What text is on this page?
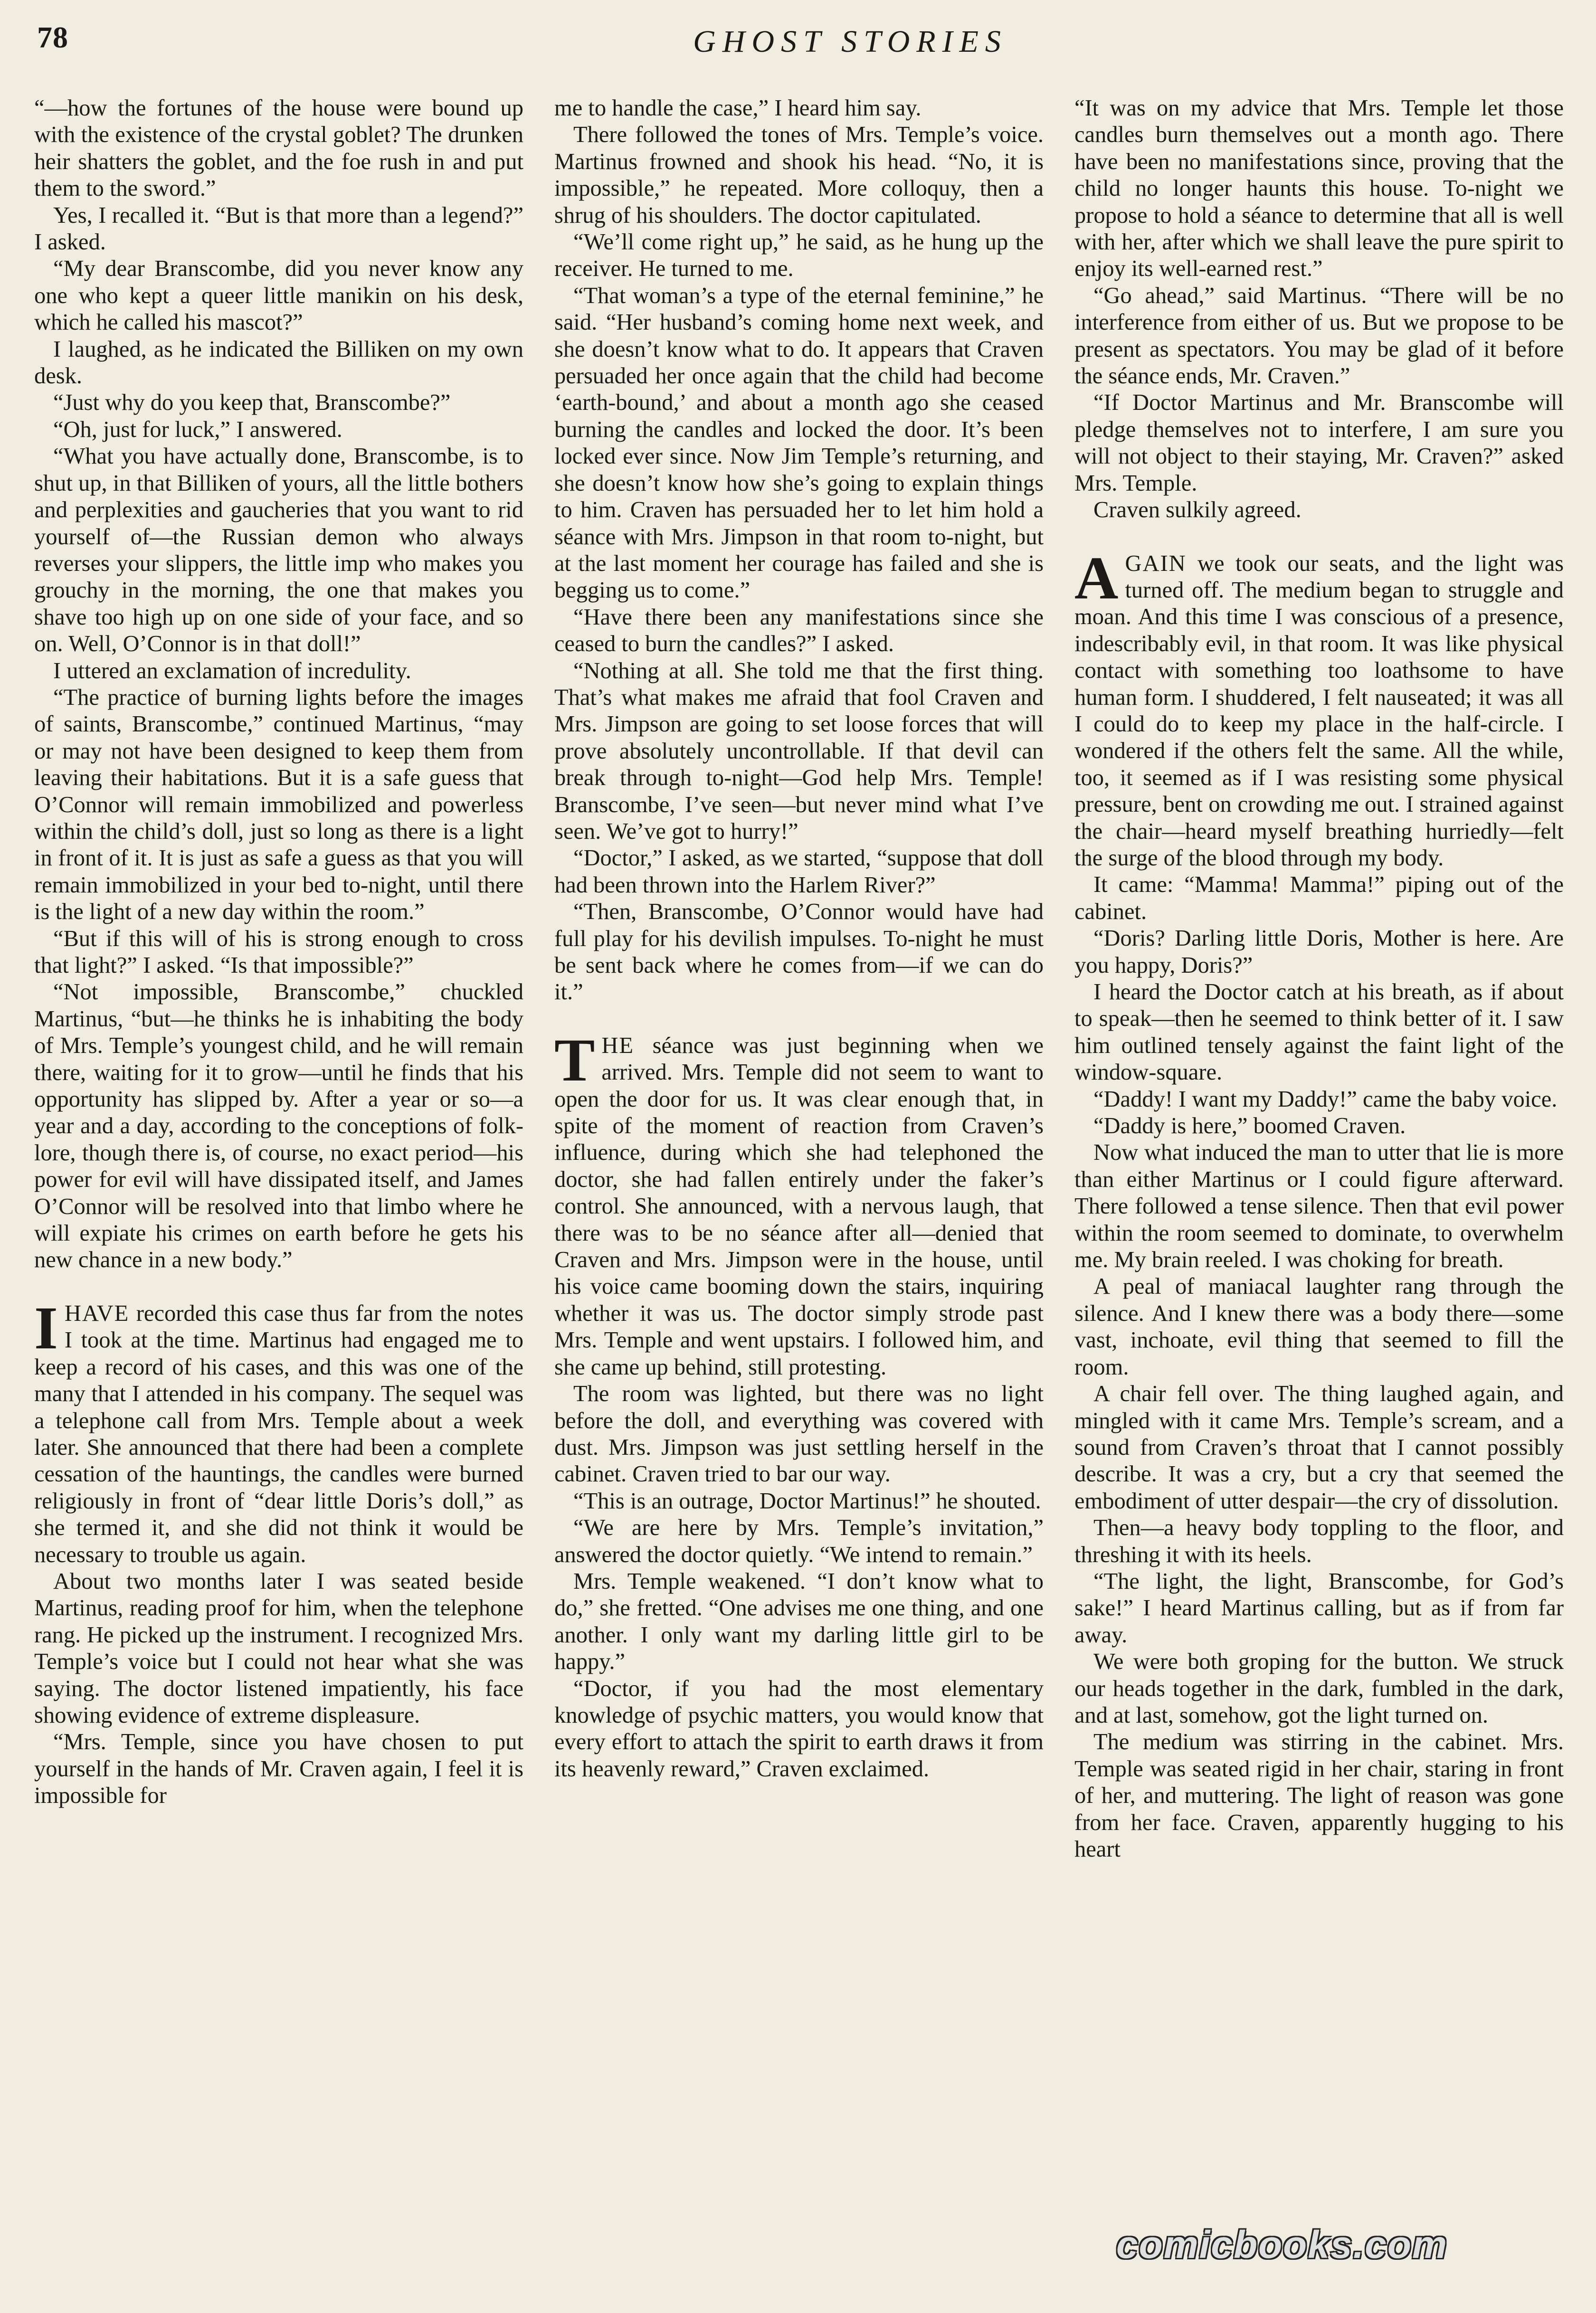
78	GHOST STORIES

“—how the fortunes of the house were bound up with the existence of the crystal goblet? The drunken heir shatters the goblet, and the foe rush in and put them to the sword.”

Yes, I recalled it. “But is that more than a legend?” I asked.

“My dear Branscombe, did you never know any one who kept a queer little manikin on his desk, which he called his mascot?”

I laughed, as he indicated the Billiken on my own desk.

“Just why do you keep that, Branscombe?”

“Oh, just for luck,” I answered.

“What you have actually done, Branscombe, is to shut up, in that Billiken of yours, all the little bothers and perplexities and gaucheries that you want to rid yourself of—the Russian demon who always reverses your slippers, the little imp who makes you grouchy in the morning, the one that makes you shave too high up on one side of your face, and so on. Well, O’Connor is in that doll!”

I uttered an exclamation of incredulity.

“The practice of burning lights before the images of saints, Branscombe,” continued Martinus, “may or may not have been designed to keep them from leaving their habitations. But it is a safe guess that O’Connor will remain immobilized and powerless within the child’s doll, just so long as there is a light in front of it. It is just as safe a guess as that you will remain immobilized in your bed to-night, until there is the light of a new day within the room.”

“But if this will of his is strong enough to cross that light?” I asked. “Is that impossible?”

“Not impossible, Branscombe,” chuckled Martinus, “but—he thinks he is inhabiting the body of Mrs. Temple’s youngest child, and he will remain there, waiting for it to grow—until he finds that his opportunity has slipped by. After a year or so—a year and a day, according to the conceptions of folk-lore, though there is, of course, no exact period—his power for evil will have dissipated itself, and James O’Connor will be resolved into that limbo where he will expiate his crimes on earth before he gets his new chance in a new body.”

IHAVE recorded this case thus far from the notes I took at the time. Martinus had engaged me to keep a record of his cases, and this was one of the many that I attended in his company. The sequel was a telephone call from Mrs. Temple about a week later. She announced that there had been a complete cessation of the hauntings, the candles were burned religiously in front of “dear little Doris’s doll,” as she termed it, and she did not think it would be necessary to trouble us again.

About two months later I was seated beside Martinus, reading proof for him, when the telephone rang. He picked up the instrument. I recognized Mrs. Temple’s voice but I could not hear what she was saying. The doctor listened impatiently, his face showing evidence of extreme displeasure.

“Mrs. Temple, since you have chosen to put yourself in the hands of Mr. Craven again, I feel it is impossible for

me to handle the case,” I heard him say.

There followed the tones of Mrs. Temple’s voice. Martinus frowned and shook his head. “No, it is impossible,” he repeated. More colloquy, then a shrug of his shoulders. The doctor capitulated.

“We’ll come right up,” he said, as he hung up the receiver. He turned to me.

“That woman’s a type of the eternal feminine,” he said. “Her husband’s coming home next week, and she doesn’t know what to do. It appears that Craven persuaded her once again that the child had become ‘earth-bound,’ and about a month ago she ceased burning the candles and locked the door. It’s been locked ever since. Now Jim Temple’s returning, and she doesn’t know how she’s going to explain things to him. Craven has persuaded her to let him hold a séance with Mrs. Jimpson in that room to-night, but at the last moment her courage has failed and she is begging us to come.”

“Have there been any manifestations since she ceased to burn the candles?” I asked.

“Nothing at all. She told me that the first thing. That’s what makes me afraid that fool Craven and Mrs. Jimpson are going to set loose forces that will prove absolutely uncontrollable. If that devil can break through to-night—God help Mrs. Temple! Branscombe, I’ve seen—but never mind what I’ve seen. We’ve got to hurry!”

“Doctor,” I asked, as we started, “suppose that doll had been thrown into the Harlem River?”

“Then, Branscombe, O’Connor would have had full play for his devilish impulses. To-night he must be sent back where he comes from—if we can do it.”

THE séance was just beginning when we arrived. Mrs. Temple did not seem to want to open the door for us. It was clear enough that, in spite of the moment of reaction from Craven’s influence, during which she had telephoned the doctor, she had fallen entirely under the faker’s control. She announced, with a nervous laugh, that there was to be no séance after all—denied that Craven and Mrs. Jimpson were in the house, until his voice came booming down the stairs, inquiring whether it was us. The doctor simply strode past Mrs. Temple and went upstairs. I followed him, and she came up behind, still protesting.

The room was lighted, but there was no light before the doll, and everything was covered with dust. Mrs. Jimpson was just settling herself in the cabinet. Craven tried to bar our way.

“This is an outrage, Doctor Martinus!” he shouted.

“We are here by Mrs. Temple’s invitation,” answered the doctor quietly. “We intend to remain.”

Mrs. Temple weakened. “I don’t know what to do,” she fretted. “One advises me one thing, and one another. I only want my darling little girl to be happy.”

“Doctor, if you had the most elementary knowledge of psychic matters, you would know that every effort to attach the spirit to earth draws it from its heavenly reward,” Craven exclaimed.

“It was on my advice that Mrs. Temple let those candles burn themselves out a month ago. There have been no manifestations since, proving that the child no longer haunts this house. To-night we propose to hold a séance to determine that all is well with her, after which we shall leave the pure spirit to enjoy its well-earned rest.”

“Go ahead,” said Martinus. “There will be no interference from either of us. But we propose to be present as spectators. You may be glad of it before the séance ends, Mr. Craven.”

“If Doctor Martinus and Mr. Branscombe will pledge themselves not to interfere, I am sure you will not object to their staying, Mr. Craven?” asked Mrs. Temple.

Craven sulkily agreed.

AGAIN we took our seats, and the light was turned off. The medium began to struggle and moan. And this time I was conscious of a presence, indescribably evil, in that room. It was like physical contact with something too loathsome to have human form. I shuddered, I felt nauseated; it was all I could do to keep my place in the half-circle. I wondered if the others felt the same. All the while, too, it seemed as if I was resisting some physical pressure, bent on crowding me out. I strained against the chair—heard myself breathing hurriedly—felt the surge of the blood through my body.

It came: “Mamma! Mamma!” piping out of the cabinet.

“Doris? Darling little Doris, Mother is here. Are you happy, Doris?”

I heard the Doctor catch at his breath, as if about to speak—then he seemed to think better of it. I saw him outlined tensely against the faint light of the window-square.

“Daddy! I want my Daddy!” came the baby voice.

“Daddy is here,” boomed Craven.

Now what induced the man to utter that lie is more than either Martinus or I could figure afterward. There followed a tense silence. Then that evil power within the room seemed to dominate, to overwhelm me. My brain reeled. I was choking for breath.

A peal of maniacal laughter rang through the silence. And I knew there was a body there—some vast, inchoate, evil thing that seemed to fill the room.

A chair fell over. The thing laughed again, and mingled with it came Mrs. Temple’s scream, and a sound from Craven’s throat that I cannot possibly describe. It was a cry, but a cry that seemed the embodiment of utter despair—the cry of dissolution.

Then—a heavy body toppling to the floor, and threshing it with its heels.

“The light, the light, Branscombe, for God’s sake!” I heard Martinus calling, but as if from far away.

We were both groping for the button. We struck our heads together in the dark, fumbled in the dark, and at last, somehow, got the light turned on.

The medium was stirring in the cabinet. Mrs. Temple was seated rigid in her chair, staring in front of her, and muttering. The light of reason was gone from her face. Craven, apparently hugging to his heart

comicbooks.com
